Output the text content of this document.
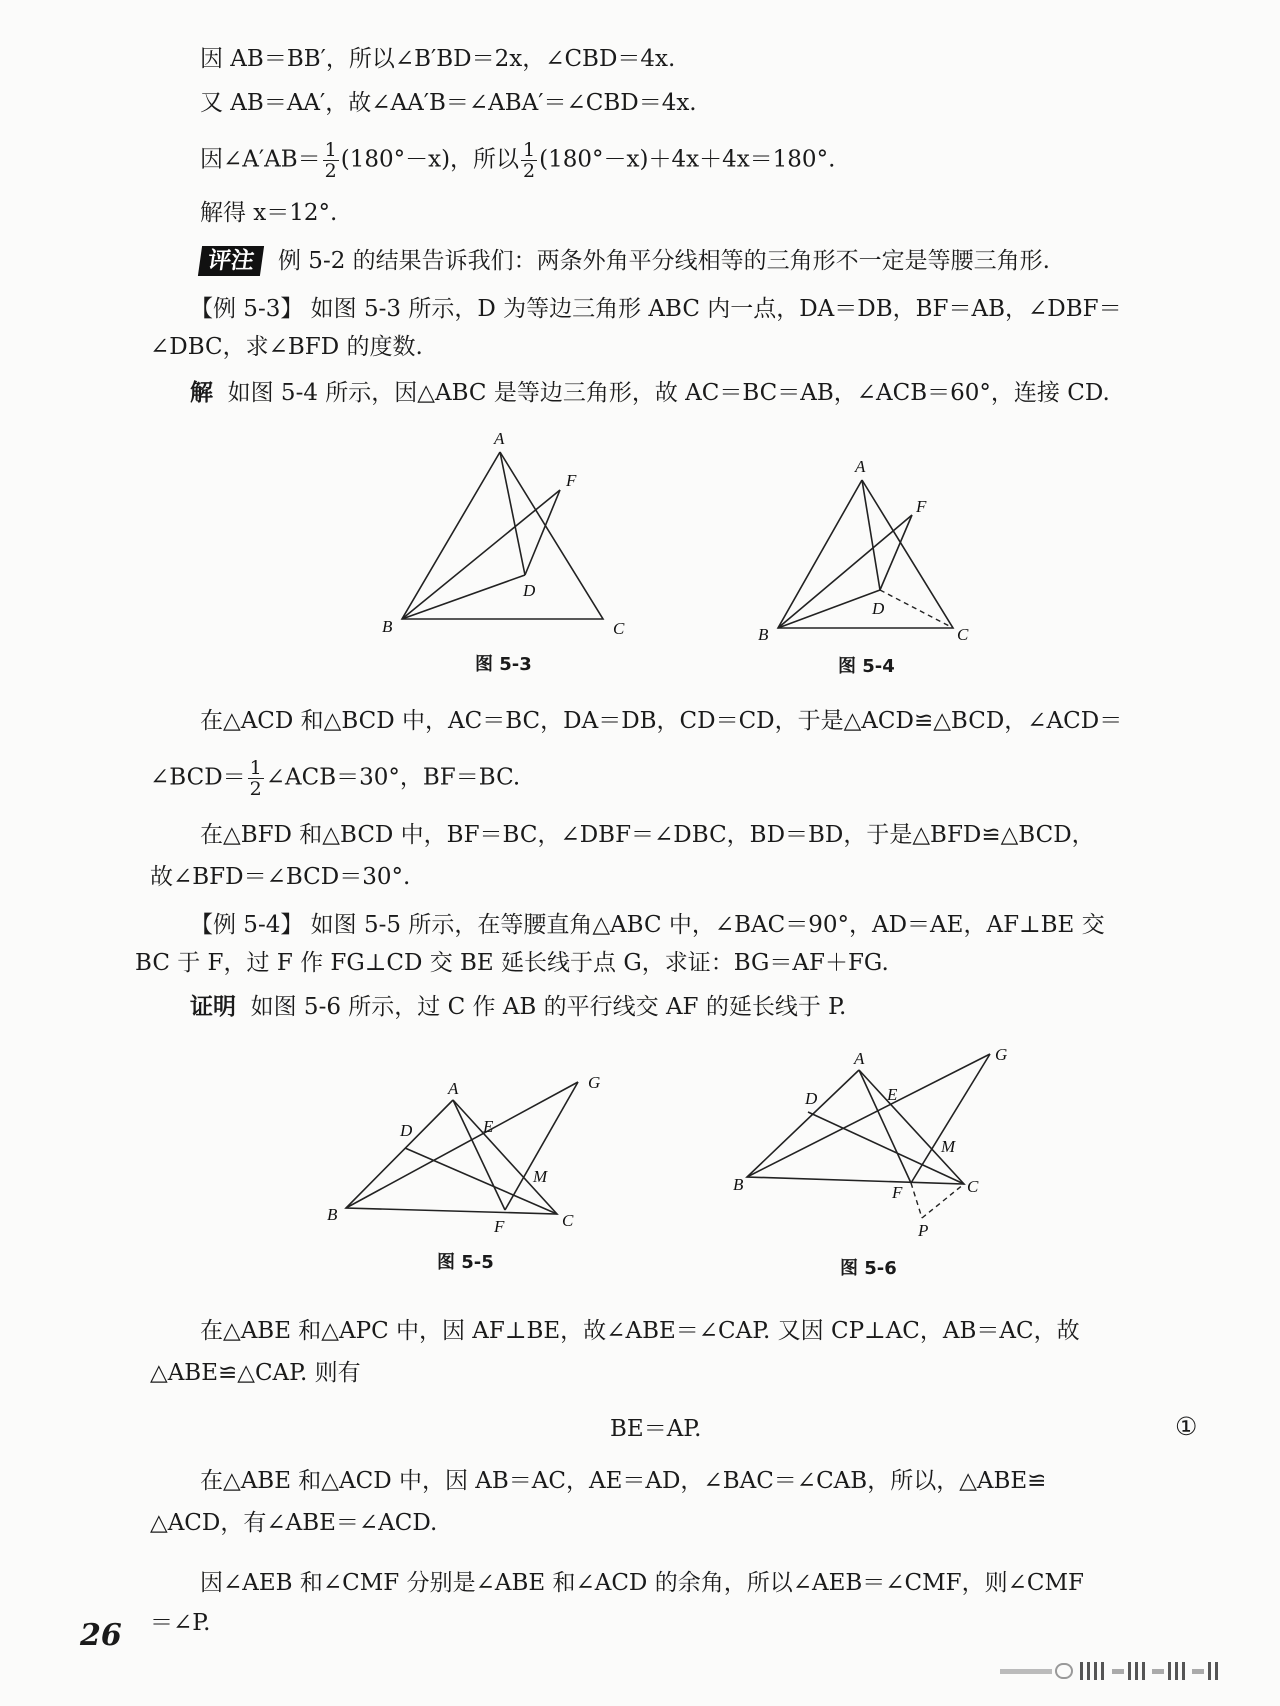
因 AB＝BB′，所以∠B′BD＝2x，∠CBD＝4x.
又 AB＝AA′，故∠AA′B＝∠ABA′＝∠CBD＝4x.
因∠A′AB＝ $\frac{1}{2} (180^\circ-x)$，所以 $\frac{1}{2} (180^\circ-x)+4x+4x=180^\circ$.
解得 x＝12°.
评注 例 5-2 的结果告诉我们：两条外角平分线相等的三角形不一定是等腰三角形.
【例 5-3】 如图 5-3 所示，D 为等边三角形 ABC 内一点，DA＝DB，BF＝AB，∠DBF＝
∠DBC，求∠BFD 的度数.
解 如图 5-4 所示，因△ABC 是等边三角形，故 AC＝BC＝AB，∠ACB＝60°，连接 CD.
A
F
D
B	C
A
F
D
B	C
A
D	E
G
M
B
F	C
A
D	E
G
M
B	F	C
P
图 5-3	图 5-4
在△ACD 和△BCD 中，AC＝BC，DA＝DB，CD＝CD，于是△ACD≌△BCD，∠ACD＝
∠BCD＝ $\frac{1}{2}$ ∠ACB＝30°，BF＝BC.
在△BFD 和△BCD 中，BF＝BC，∠DBF＝∠DBC，BD＝BD，于是△BFD≌△BCD，
故∠BFD＝∠BCD＝30°.
【例 5-4】 如图 5-5 所示，在等腰直角△ABC 中，∠BAC＝90°，AD＝AE，AF⊥BE 交
BC 于 F，过 F 作 FG⊥CD 交 BE 延长线于点 G，求证：BG＝AF＋FG.
证明 如图 5-6 所示，过 C 作 AB 的平行线交 AF 的延长线于 P.
图 5-5	图 5-6
在△ABE 和△APC 中，因 AF⊥BE，故∠ABE＝∠CAP. 又因 CP⊥AC，AB＝AC，故
△ABE≌△CAP. 则有
BE＝AP.	①
在△ABE 和△ACD 中，因 AB＝AC，AE＝AD，∠BAC＝∠CAB，所以，△ABE≌
△ACD，有∠ABE＝∠ACD.
因∠AEB 和∠CMF 分别是∠ABE 和∠ACD 的余角，所以∠AEB＝∠CMF，则∠CMF
＝∠P.
26
